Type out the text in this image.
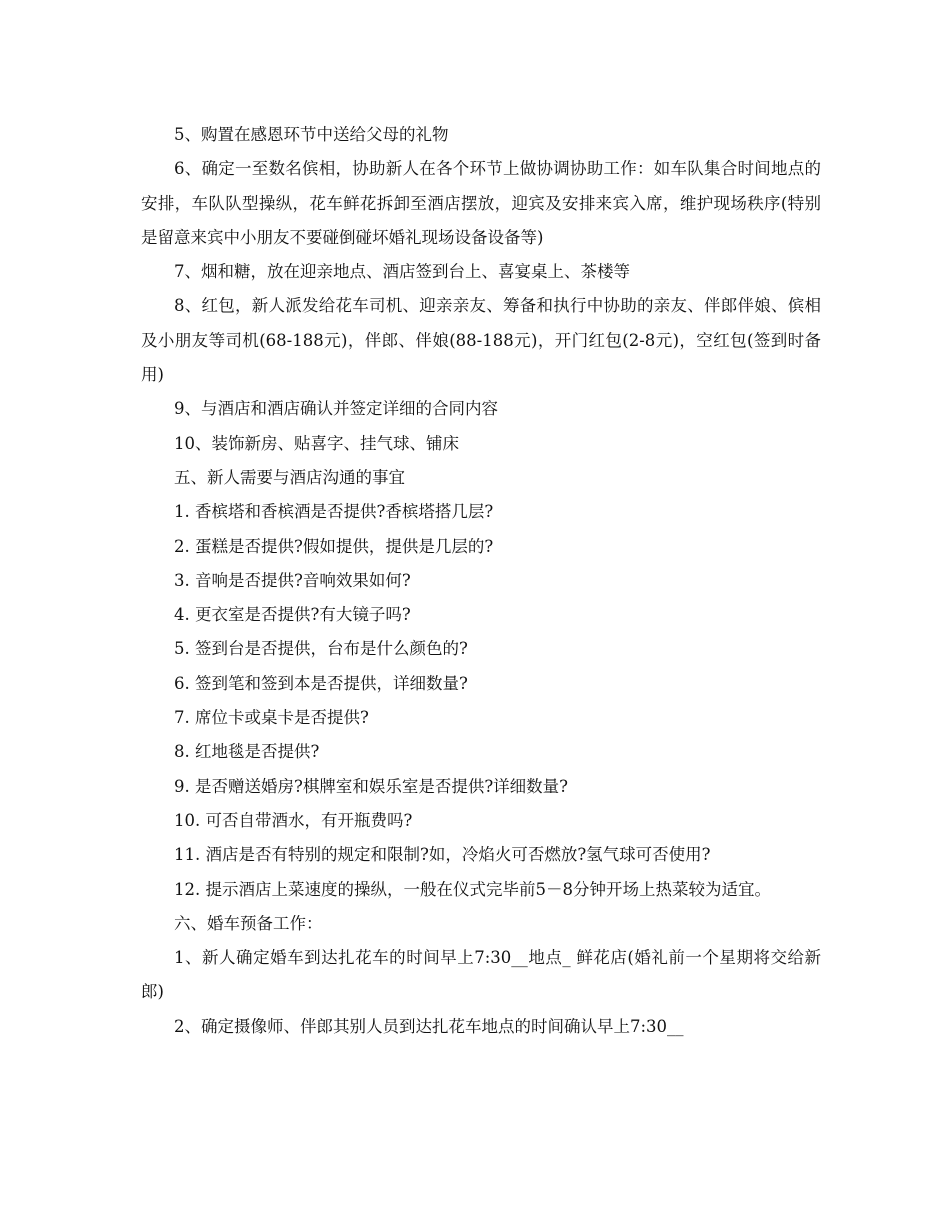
5、购置在感恩环节中送给父母的礼物

6、确定一至数名傧相，协助新人在各个环节上做协调协助工作：如车队集合时间地点的安排，车队队型操纵，花车鲜花拆卸至酒店摆放，迎宾及安排来宾入席，维护现场秩序(特别是留意来宾中小朋友不要碰倒碰坏婚礼现场设备设备等)

7、烟和糖，放在迎亲地点、酒店签到台上、喜宴桌上、茶楼等

8、红包，新人派发给花车司机、迎亲亲友、筹备和执行中协助的亲友、伴郎伴娘、傧相及小朋友等司机(68-188元)，伴郎、伴娘(88-188元)，开门红包(2-8元)，空红包(签到时备用)

9、与酒店和酒店确认并签定详细的合同内容

10、装饰新房、贴喜字、挂气球、铺床

五、新人需要与酒店沟通的事宜

1. 香槟塔和香槟酒是否提供?香槟塔搭几层?

2. 蛋糕是否提供?假如提供，提供是几层的?

3. 音响是否提供?音响效果如何?

4. 更衣室是否提供?有大镜子吗?

5. 签到台是否提供，台布是什么颜色的?

6. 签到笔和签到本是否提供，详细数量?

7. 席位卡或桌卡是否提供?

8. 红地毯是否提供?

9. 是否赠送婚房?棋牌室和娱乐室是否提供?详细数量?

10. 可否自带酒水，有开瓶费吗?

11. 酒店是否有特别的规定和限制?如，冷焰火可否燃放?氢气球可否使用?

12. 提示酒店上菜速度的操纵，一般在仪式完毕前5－8分钟开场上热菜较为适宜。

六、婚车预备工作：

1、新人确定婚车到达扎花车的时间早上7:30__地点_ 鲜花店(婚礼前一个星期将交给新郎)

2、确定摄像师、伴郎其别人员到达扎花车地点的时间确认早上7:30__
